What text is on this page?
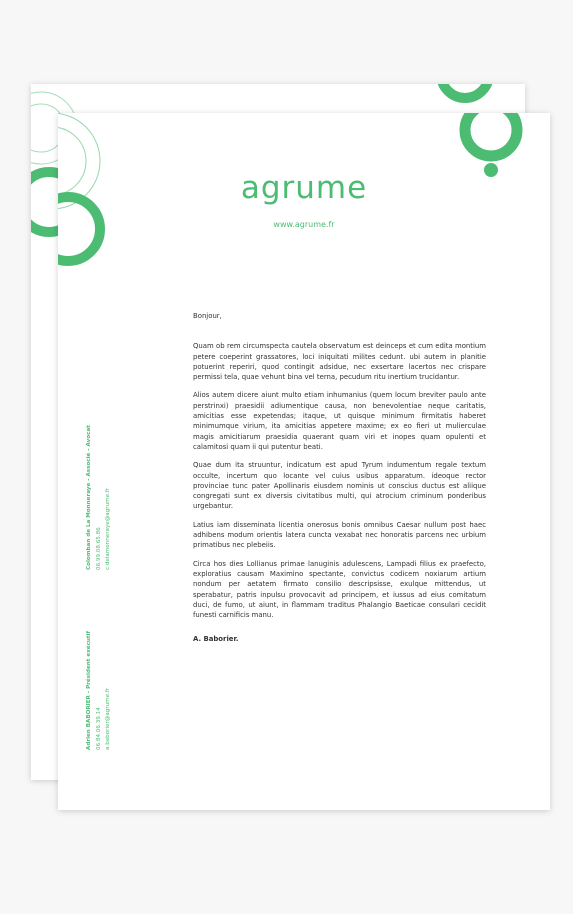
agrume
www.agrume.fr
Colomban de La Monneraye - Associé - Avocat 06.99.08.65.86 c.delamonneraye@agrume.fr
Adrien BABORIER - Président exécutif 06.84.06.39.14 a.baborier@agrume.fr

Bonjour,

Quam ob rem circumspecta cautela observatum est deinceps et cum edita montium petere coeperint grassatores, loci iniquitati milites cedunt. ubi autem in planitie potuerint reperiri, quod contingit adsidue, nec exsertare lacertos nec crispare permissi tela, quae vehunt bina vel terna, pecudum ritu inertium trucidantur.

Alios autem dicere aiunt multo etiam inhumanius (quem locum breviter paulo ante perstrinxi) praesidii adiumentique causa, non benevolentiae neque caritatis, amicitias esse expetendas; itaque, ut quisque minimum firmitatis haberet minimumque virium, ita amicitias appetere maxime; ex eo fieri ut mulierculae magis amicitiarum praesidia quaerant quam viri et inopes quam opulenti et calamitosi quam ii qui putentur beati.

Quae dum ita struuntur, indicatum est apud Tyrum indumentum regale textum occulte, incertum quo locante vel cuius usibus apparatum. ideoque rector provinciae tunc pater Apollinaris eiusdem nominis ut conscius ductus est aliique congregati sunt ex diversis civitatibus multi, qui atrocium criminum ponderibus urgebantur.

Latius iam disseminata licentia onerosus bonis omnibus Caesar nullum post haec adhibens modum orientis latera cuncta vexabat nec honoratis parcens nec urbium primatibus nec plebeiis.

Circa hos dies Lollianus primae lanuginis adulescens, Lampadi filius ex praefecto, exploratius causam Maximino spectante, convictus codicem noxiarum artium nondum per aetatem firmato consilio descripsisse, exulque mittendus, ut sperabatur, patris inpulsu provocavit ad principem, et iussus ad eius comitatum duci, de fumo, ut aiunt, in flammam traditus Phalangio Baeticae consulari cecidit funesti carnificis manu.

A. Baborier.
